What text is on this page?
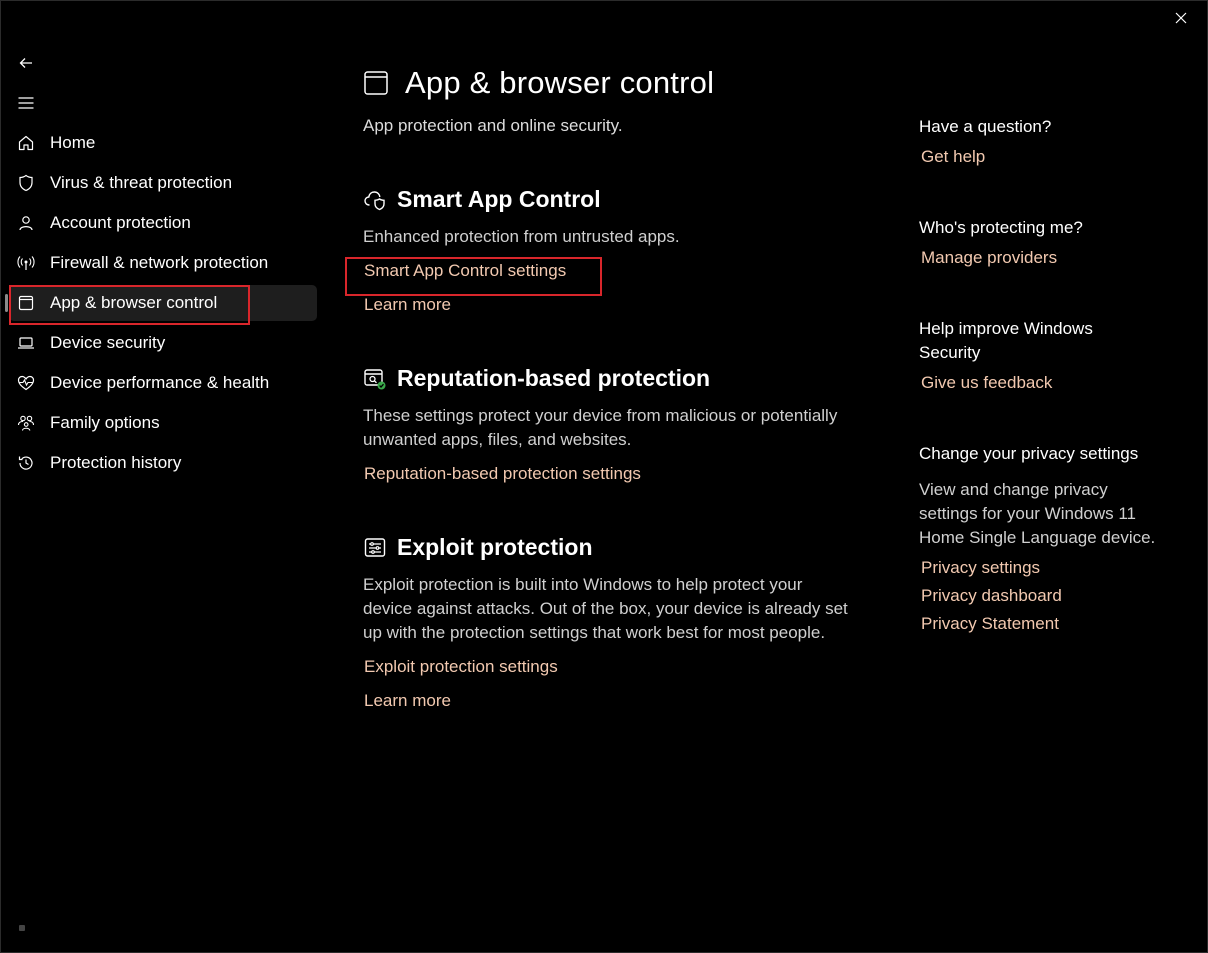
Home
Virus & threat protection
Account protection
Firewall & network protection
App & browser control
Device security
Device performance & health
Family options
Protection history
App & browser control
App protection and online security.
Smart App Control
Enhanced protection from untrusted apps.
Smart App Control settings
Learn more
Reputation-based protection
These settings protect your device from malicious or potentially unwanted apps, files, and websites.
Reputation-based protection settings
Exploit protection
Exploit protection is built into Windows to help protect your device against attacks. Out of the box, your device is already set up with the protection settings that work best for most people.
Exploit protection settings
Learn more
Have a question?
Get help
Who's protecting me?
Manage providers
Help improve Windows Security
Give us feedback
Change your privacy settings

View and change privacy settings for your Windows 11 Home Single Language device.

Privacy settings
Privacy dashboard
Privacy Statement
